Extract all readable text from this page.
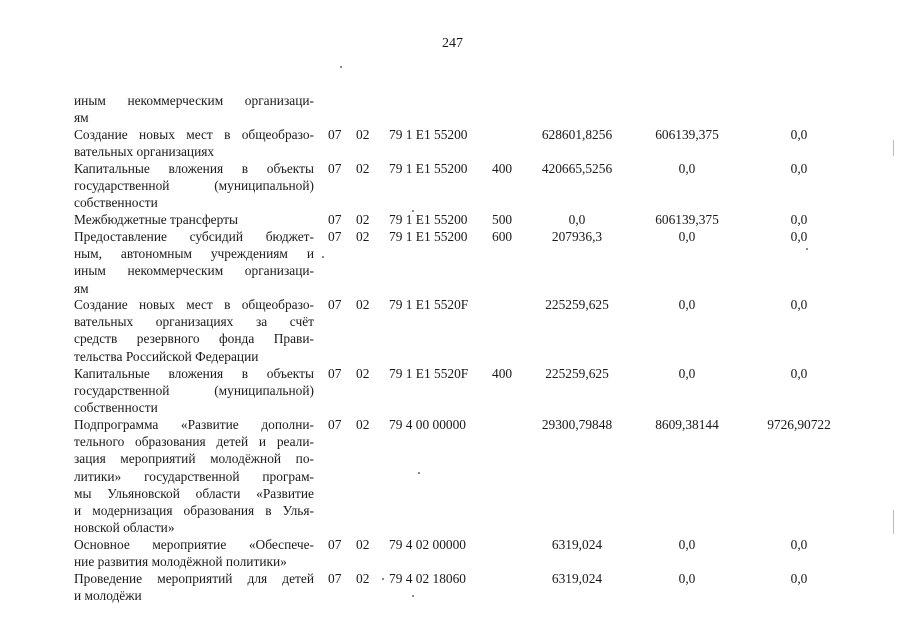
247
иным некоммерческим организаци-
ям
Создание новых мест в общеобразо-
вательных организациях
07 02 79 1 E1 55200	628601,8256	606139,375	0,0
Капитальные вложения в объекты
государственной (муниципальной)
собственности
07 02 79 1 E1 55200 400	420665,5256	0,0	0,0
Межбюджетные трансферты	07 02 79 1 E1 55200 500	0,0	606139,375	0,0
Предоставление субсидий бюджет-
ным, автономным учреждениям и
иным некоммерческим организаци-
ям
07 02 79 1 E1 55200 600	207936,3	0,0	0,0
Создание новых мест в общеобразо-
вательных организациях за счёт
средств резервного фонда Прави-
тельства Российской Федерации
07 02 79 1 E1 5520F	225259,625	0,0	0,0
Капитальные вложения в объекты
государственной (муниципальной)
собственности
07 02 79 1 E1 5520F 400	225259,625	0,0	0,0
Подпрограмма «Развитие дополни-
тельного образования детей и реали-
зация мероприятий молодёжной по-
литики» государственной програм-
мы Ульяновской области «Развитие
и модернизация образования в Улья-
новской области»
07 02 79 4 00 00000	29300,79848	8609,38144	9726,90722
Основное мероприятие «Обеспече-
ние развития молодёжной политики»
07 02 79 4 02 00000	6319,024	0,0	0,0
Проведение мероприятий для детей
и молодёжи
07 02 79 4 02 18060	6319,024	0,0	0,0
